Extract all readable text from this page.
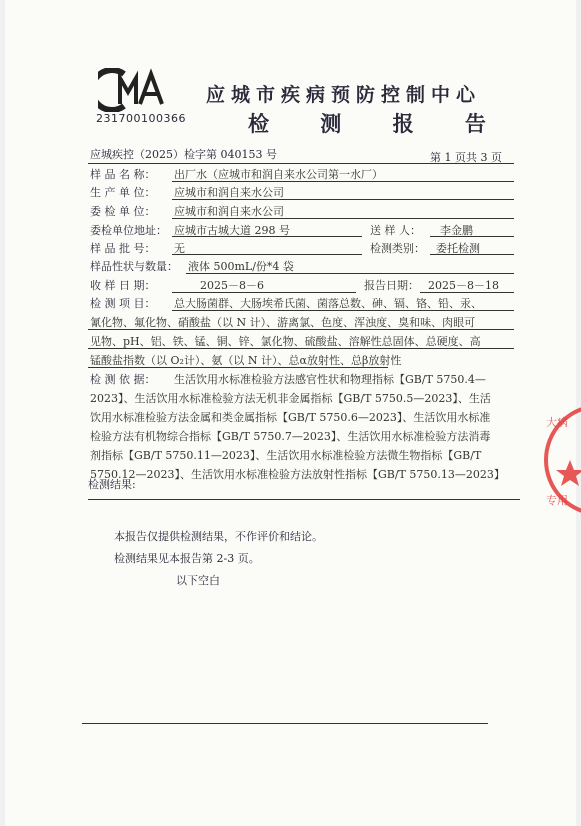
231700100366
应城市疾病预防控制中心
检 测 报 告
应城疾控（2025）检字第 040153 号	第 1 页共 3 页
样 品 名 称： 出厂水（应城市和润自来水公司第一水厂）
生 产 单 位： 应城市和润自来水公司
委 检 单 位： 应城市和润自来水公司
委检单位地址： 应城市古城大道 298 号	送 样 人： 李金鹏
样 品 批 号： 无	检测类别： 委托检测
样品性状与数量： 液体 500mL/份*4 袋
收 样 日 期：	2025－8－6	报告日期： 2025－8－18
检 测 项 目： 总大肠菌群、大肠埃希氏菌、菌落总数、砷、镉、铬、铅、汞、
氰化物、氟化物、硝酸盐（以 N 计）、游离氯、色度、浑浊度、臭和味、肉眼可
见物、pH、铝、铁、锰、铜、锌、氯化物、硫酸盐、溶解性总固体、总硬度、高
锰酸盐指数（以 O₂计）、氨（以 N 计）、总α放射性、总β放射性
检 测 依 据： 生活饮用水标准检验方法感官性状和物理指标【GB/T 5750.4—
2023】、生活饮用水标准检验方法无机非金属指标【GB/T 5750.5—2023】、生活
饮用水标准检验方法金属和类金属指标【GB/T 5750.6—2023】、生活饮用水标准
检验方法有机物综合指标【GB/T 5750.7—2023】、生活饮用水标准检验方法消毒
剂指标【GB/T 5750.11—2023】、生活饮用水标准检验方法微生物指标【GB/T
5750.12—2023】、生活饮用水标准检验方法放射性指标【GB/T 5750.13—2023】
检测结果:
本报告仅提供检测结果，不作评价和结论。
检测结果见本报告第 2-3 页。
以下空白
大病
专用
